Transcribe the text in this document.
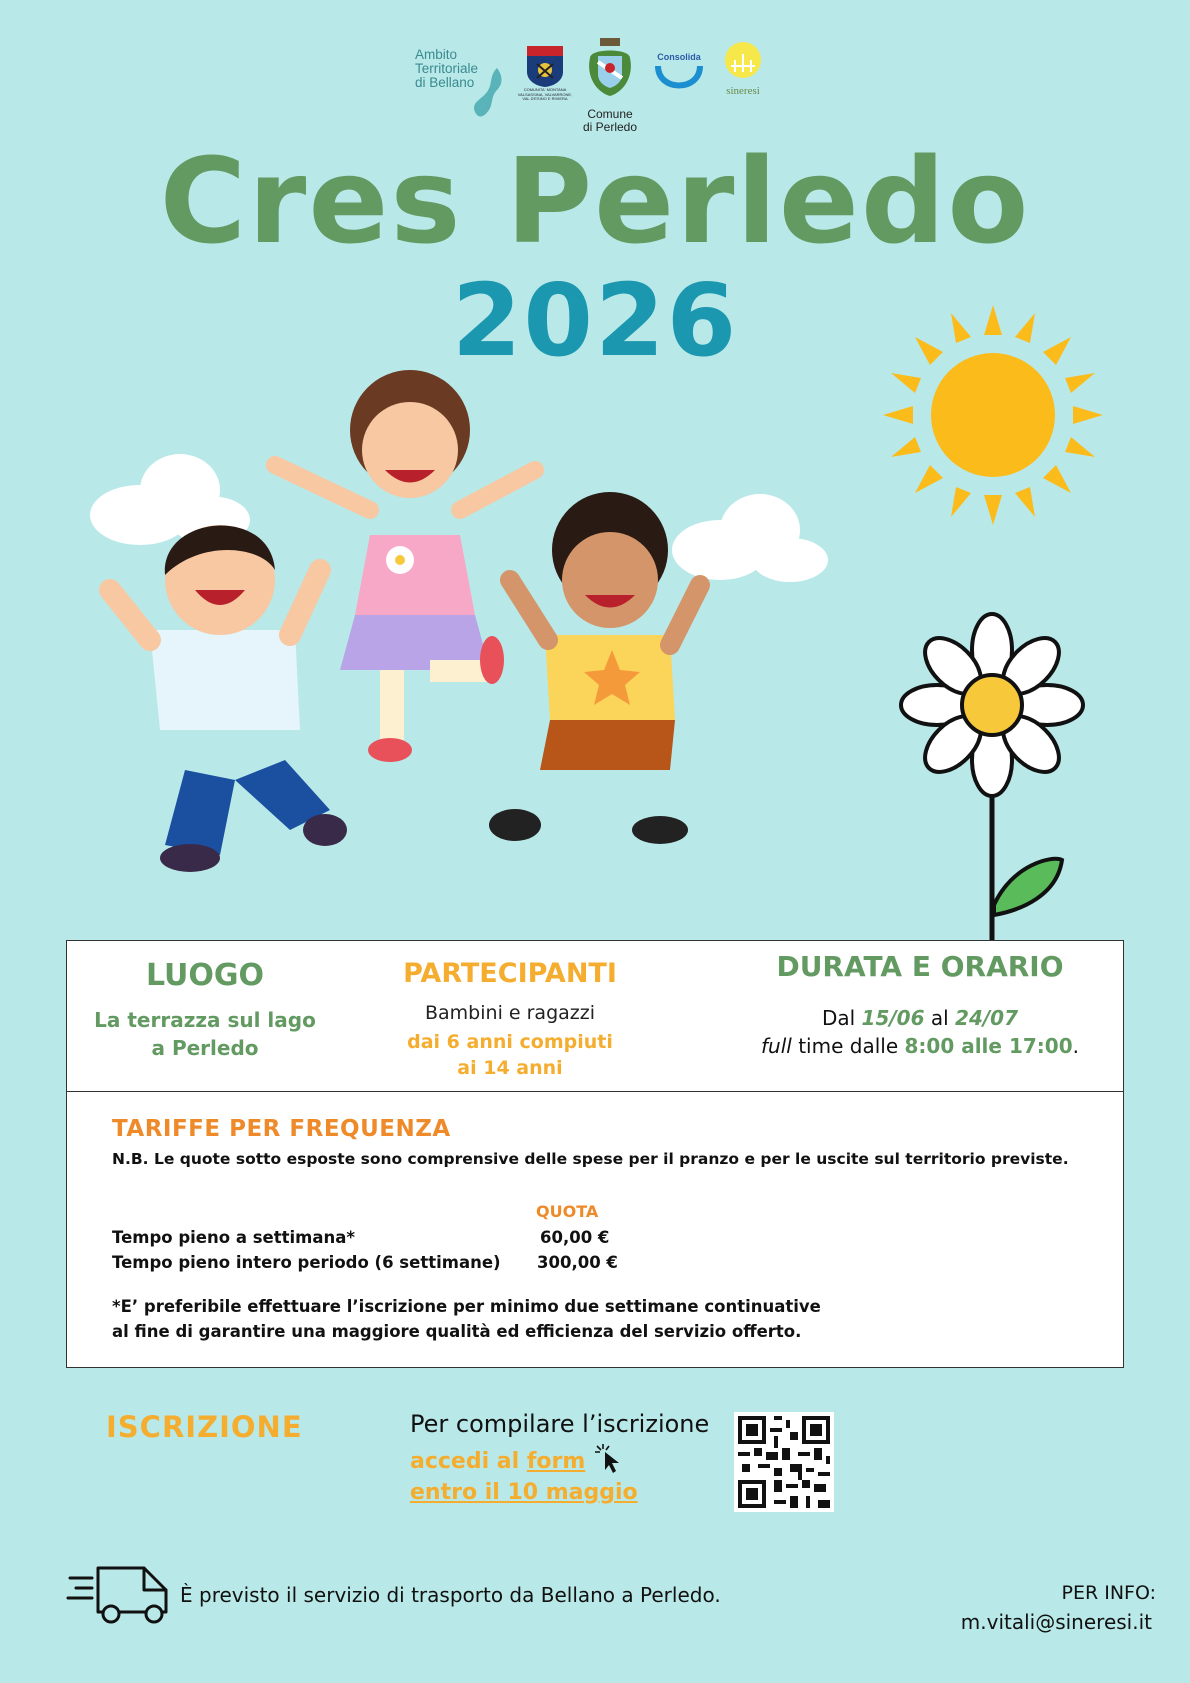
Ambito
Territoriale
di Bellano	COMUNITA' MONTANA
VALSASSINA, VALVARRONE,
VAL D'ESINO E RIVIERA
Comune
di Perledo
Consolida
sineresi
Cres Perledo
2026
LUOGO
La terrazza sul lago
a Perledo
PARTECIPANTI
Bambini e ragazzi
dai 6 anni compiuti
ai 14 anni
DURATA E ORARIO
Dal 15/06 al 24/07
full time dalle 8:00 alle 17:00.
TARIFFE PER FREQUENZA
N.B. Le quote sotto esposte sono comprensive delle spese per il pranzo e per le uscite sul territorio previste.
QUOTA
Tempo pieno a settimana*	60,00 €
Tempo pieno intero periodo (6 settimane) 300,00 €
*E’ preferibile effettuare l’iscrizione per minimo due settimane continuative
al fine di garantire una maggiore qualità ed efficienza del servizio offerto.
ISCRIZIONE	Per compilare l’iscrizione
accedi al form
entro il 10 maggio
È previsto il servizio di trasporto da Bellano a Perledo.	PER INFO:
m.vitali@sineresi.it
